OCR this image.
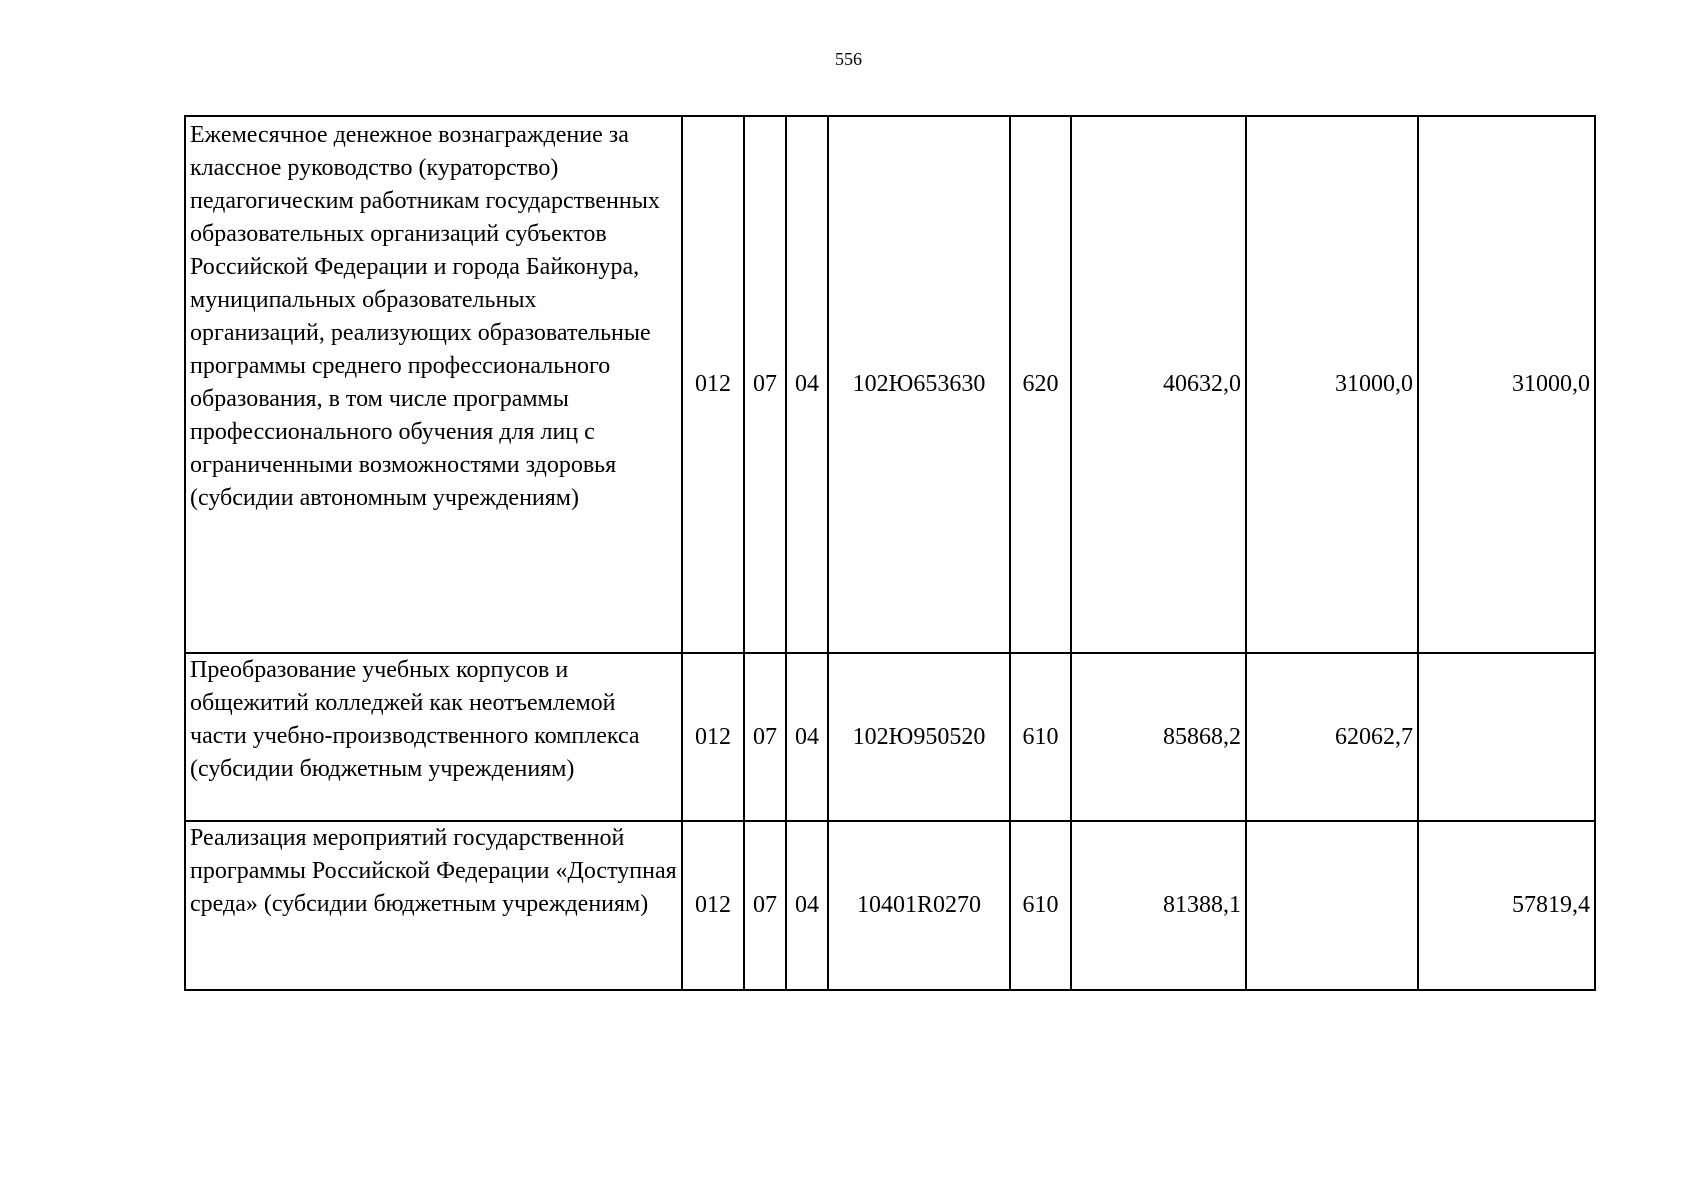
556
Ежемесячное денежное вознаграждение за классное руководство (кураторство) педагогическим работникам государственных образовательных организаций субъектов Российской Федерации и города Байконура, муниципальных образовательных организаций, реализующих образовательные программы среднего профессионального образования, в том числе программы профессионального обучения для лиц с ограниченными возможностями здоровья (субсидии автономным учреждениям)	012	07	04	102Ю653630	620	40632,0	31000,0	31000,0
Преобразование учебных корпусов и общежитий колледжей как неотъемлемой части учебно-производственного комплекса (субсидии бюджетным учреждениям)	012	07	04	102Ю950520	610	85868,2	62062,7	
Реализация мероприятий государственной программы Российской Федерации «Доступная среда» (субсидии бюджетным учреждениям)	012	07	04	10401R0270	610	81388,1		57819,4
